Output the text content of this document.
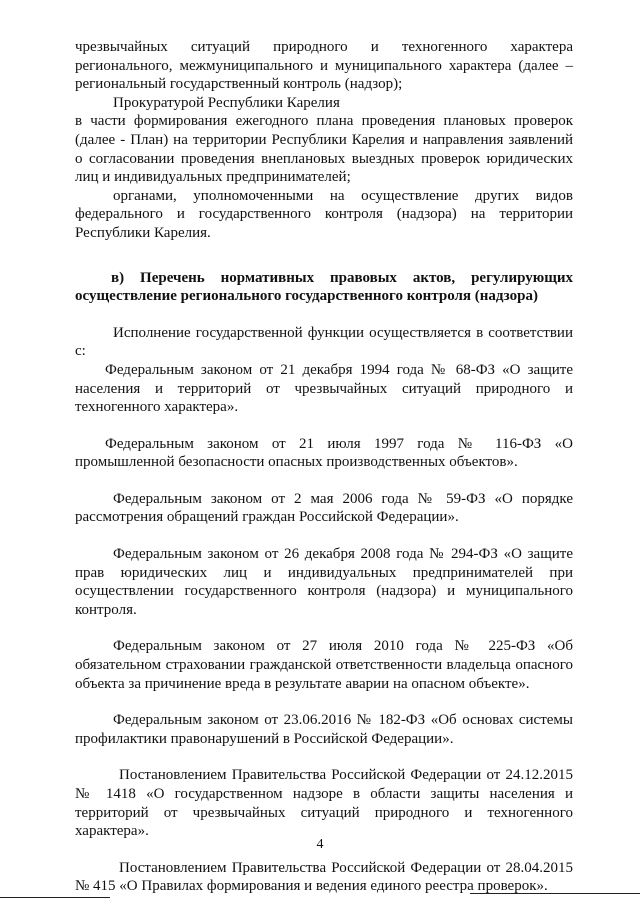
чрезвычайных ситуаций природного и техногенного характера регионального, межмуниципального и муниципального характера (далее – региональный государственный контроль (надзор);

Прокуратурой Республики Карелия

в части формирования ежегодного плана проведения плановых проверок (далее - План) на территории Республики Карелия и направления заявлений о согласовании проведения внеплановых выездных проверок юридических лиц и индивидуальных предпринимателей;

органами, уполномоченными на осуществление других видов федерального и государственного контроля (надзора) на территории Республики Карелия.

в) Перечень нормативных правовых актов, регулирующих осуществление регионального государственного контроля (надзора)

Исполнение государственной функции осуществляется в соответствии с:

Федеральным законом от 21 декабря 1994 года № 68-ФЗ «О защите населения и территорий от чрезвычайных ситуаций природного и техногенного характера».

Федеральным законом от 21 июля 1997 года № 116-ФЗ «О промышленной безопасности опасных производственных объектов».

Федеральным законом от 2 мая 2006 года № 59-ФЗ «О порядке рассмотрения обращений граждан Российской Федерации».

Федеральным законом от 26 декабря 2008 года № 294-ФЗ «О защите прав юридических лиц и индивидуальных предпринимателей при осуществлении государственного контроля (надзора) и муниципального контроля.

Федеральным законом от 27 июля 2010 года № 225-ФЗ «Об обязательном страховании гражданской ответственности владельца опасного объекта за причинение вреда в результате аварии на опасном объекте».

Федеральным законом от 23.06.2016 № 182-ФЗ «Об основах системы профилактики правонарушений в Российской Федерации».

Постановлением Правительства Российской Федерации от 24.12.2015 № 1418 «О государственном надзоре в области защиты населения и территорий от чрезвычайных ситуаций природного и техногенного характера».

Постановлением Правительства Российской Федерации от 28.04.2015 № 415 «О Правилах формирования и ведения единого реестра проверок».

4
